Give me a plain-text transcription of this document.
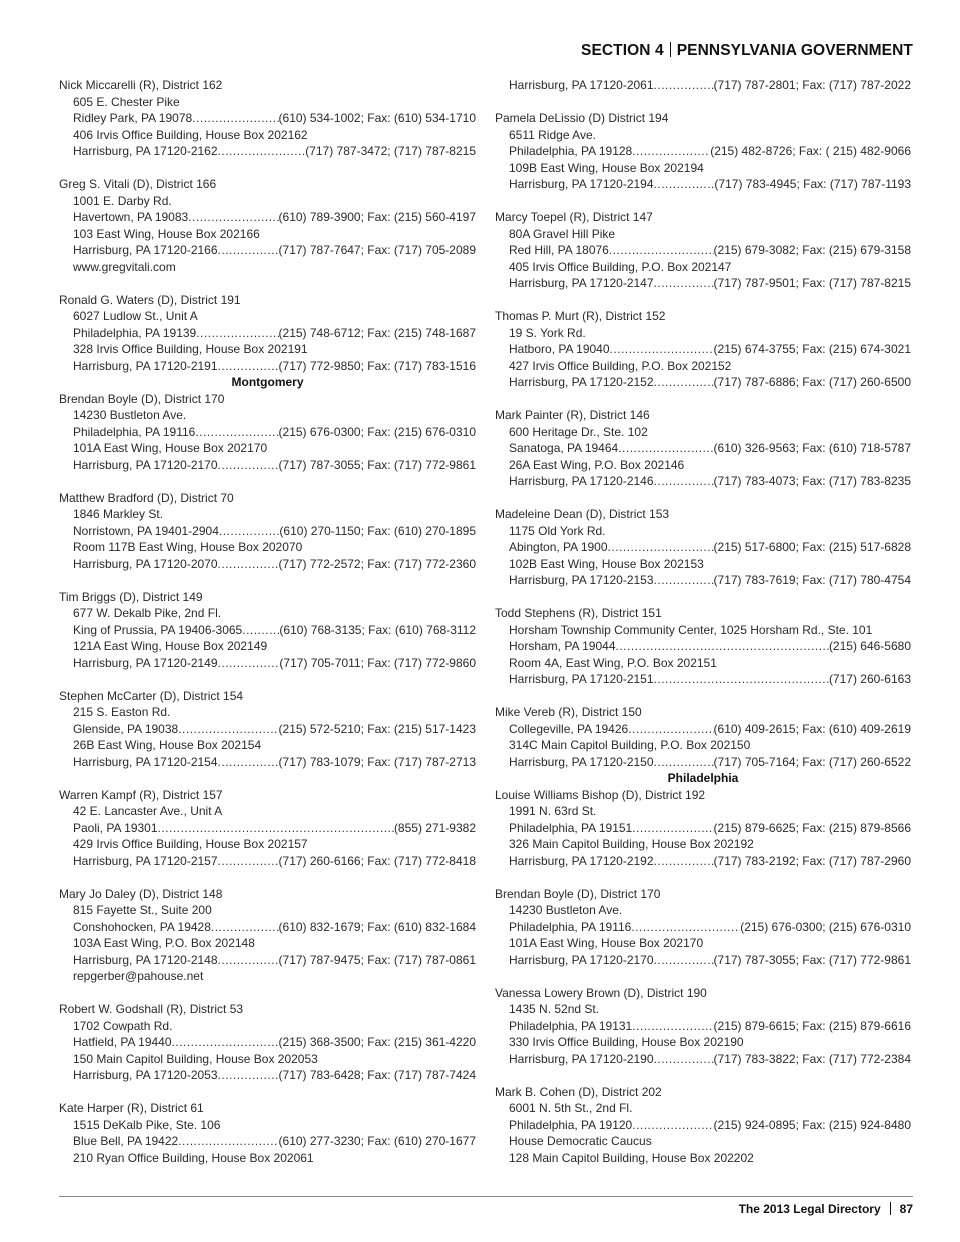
SECTION 4 PENNSYLVANIA GOVERNMENT
Nick Miccarelli (R), District 162
605 E. Chester Pike
Ridley Park, PA 19078 .....	(610) 534-1002; Fax: (610) 534-1710
406 Irvis Office Building, House Box 202162
Harrisburg, PA 17120-2162 .....	(717) 787-3472; (717) 787-8215
Greg S. Vitali (D), District 166
1001 E. Darby Rd.
Havertown, PA 19083 .....	(610) 789-3900; Fax: (215) 560-4197
103 East Wing, House Box 202166
Harrisburg, PA 17120-2166 .....	(717) 787-7647; Fax: (717) 705-2089
www.gregvitali.com
Ronald G. Waters (D), District 191
6027 Ludlow St., Unit A
Philadelphia, PA 19139 .....	(215) 748-6712; Fax: (215) 748-1687
328 Irvis Office Building, House Box 202191
Harrisburg, PA 17120-2191 .....	(717) 772-9850; Fax: (717) 783-1516
Montgomery
Brendan Boyle (D), District 170
14230 Bustleton Ave.
Philadelphia, PA 19116 .....	(215) 676-0300; Fax: (215) 676-0310
101A East Wing, House Box 202170
Harrisburg, PA 17120-2170 .....	(717) 787-3055; Fax: (717) 772-9861
Matthew Bradford (D), District 70
1846 Markley St.
Norristown, PA 19401-2904 .....	(610) 270-1150; Fax: (610) 270-1895
Room 117B East Wing, House Box 202070
Harrisburg, PA 17120-2070 .....	(717) 772-2572; Fax: (717) 772-2360
Tim Briggs (D), District 149
677 W. Dekalb Pike, 2nd Fl.
King of Prussia, PA 19406-3065 .....	(610) 768-3135; Fax: (610) 768-3112
121A East Wing, House Box 202149
Harrisburg, PA 17120-2149 .....	(717) 705-7011; Fax: (717) 772-9860
Stephen McCarter (D), District 154
215 S. Easton Rd.
Glenside, PA 19038 .....	(215) 572-5210; Fax: (215) 517-1423
26B East Wing, House Box 202154
Harrisburg, PA 17120-2154 .....	(717) 783-1079; Fax: (717) 787-2713
Warren Kampf (R), District 157
42 E. Lancaster Ave., Unit A
Paoli, PA 19301 .....	(855) 271-9382
429 Irvis Office Building, House Box 202157
Harrisburg, PA 17120-2157 .....	(717) 260-6166; Fax: (717) 772-8418
Mary Jo Daley (D), District 148
815 Fayette St., Suite 200
Conshohocken, PA 19428 .....	(610) 832-1679; Fax: (610) 832-1684
103A East Wing, P.O. Box 202148
Harrisburg, PA 17120-2148 .....	(717) 787-9475; Fax: (717) 787-0861
repgerber@pahouse.net
Robert W. Godshall (R), District 53
1702 Cowpath Rd.
Hatfield, PA 19440 .....	(215) 368-3500; Fax: (215) 361-4220
150 Main Capitol Building, House Box 202053
Harrisburg, PA 17120-2053 .....	(717) 783-6428; Fax: (717) 787-7424
Kate Harper (R), District 61
1515 DeKalb Pike, Ste. 106
Blue Bell, PA 19422 .....	(610) 277-3230; Fax: (610) 270-1677
210 Ryan Office Building, House Box 202061
Harrisburg, PA 17120-2061 .....	(717) 787-2801; Fax: (717) 787-2022
Pamela DeLissio (D) District 194
6511 Ridge Ave.
Philadelphia, PA 19128 .....	(215) 482-8726; Fax: ( 215) 482-9066
109B East Wing, House Box 202194
Harrisburg, PA 17120-2194 .....	(717) 783-4945; Fax: (717) 787-1193
Marcy Toepel (R), District 147
80A Gravel Hill Pike
Red Hill, PA 18076 .....	(215) 679-3082; Fax: (215) 679-3158
405 Irvis Office Building, P.O. Box 202147
Harrisburg, PA 17120-2147 .....	(717) 787-9501; Fax: (717) 787-8215
Thomas P. Murt (R), District 152
19 S. York Rd.
Hatboro, PA 19040 .....	(215) 674-3755; Fax: (215) 674-3021
427 Irvis Office Building, P.O. Box 202152
Harrisburg, PA 17120-2152 .....	(717) 787-6886; Fax: (717) 260-6500
Mark Painter (R), District 146
600 Heritage Dr., Ste. 102
Sanatoga, PA 19464 .....	(610) 326-9563; Fax: (610) 718-5787
26A East Wing, P.O. Box 202146
Harrisburg, PA 17120-2146 .....	(717) 783-4073; Fax: (717) 783-8235
Madeleine Dean (D), District 153
1175 Old York Rd.
Abington, PA 1900 .....	(215) 517-6800; Fax: (215) 517-6828
102B East Wing, House Box 202153
Harrisburg, PA 17120-2153 .....	(717) 783-7619; Fax: (717) 780-4754
Todd Stephens (R), District 151
Horsham Township Community Center, 1025 Horsham Rd., Ste. 101
Horsham, PA 19044 .....	(215) 646-5680
Room 4A, East Wing, P.O. Box 202151
Harrisburg, PA 17120-2151 .....	(717) 260-6163
Mike Vereb (R), District 150
Collegeville, PA 19426 .....	(610) 409-2615; Fax: (610) 409-2619
314C Main Capitol Building, P.O. Box 202150
Harrisburg, PA 17120-2150 .....	(717) 705-7164; Fax: (717) 260-6522
Philadelphia
Louise Williams Bishop (D), District 192
1991 N. 63rd St.
Philadelphia, PA 19151 .....	(215) 879-6625; Fax: (215) 879-8566
326 Main Capitol Building, House Box 202192
Harrisburg, PA 17120-2192 .....	(717) 783-2192; Fax: (717) 787-2960
Brendan Boyle (D), District 170
14230 Bustleton Ave.
Philadelphia, PA 19116 .....	(215) 676-0300; (215) 676-0310
101A East Wing, House Box 202170
Harrisburg, PA 17120-2170 .....	(717) 787-3055; Fax: (717) 772-9861
Vanessa Lowery Brown (D), District 190
1435 N. 52nd St.
Philadelphia, PA 19131 .....	(215) 879-6615; Fax: (215) 879-6616
330 Irvis Office Building, House Box 202190
Harrisburg, PA 17120-2190 .....	(717) 783-3822; Fax: (717) 772-2384
Mark B. Cohen (D), District 202
6001 N. 5th St., 2nd Fl.
Philadelphia, PA 19120 .....	(215) 924-0895; Fax: (215) 924-8480
House Democratic Caucus
128 Main Capitol Building, House Box 202202
The 2013 Legal Directory 87
